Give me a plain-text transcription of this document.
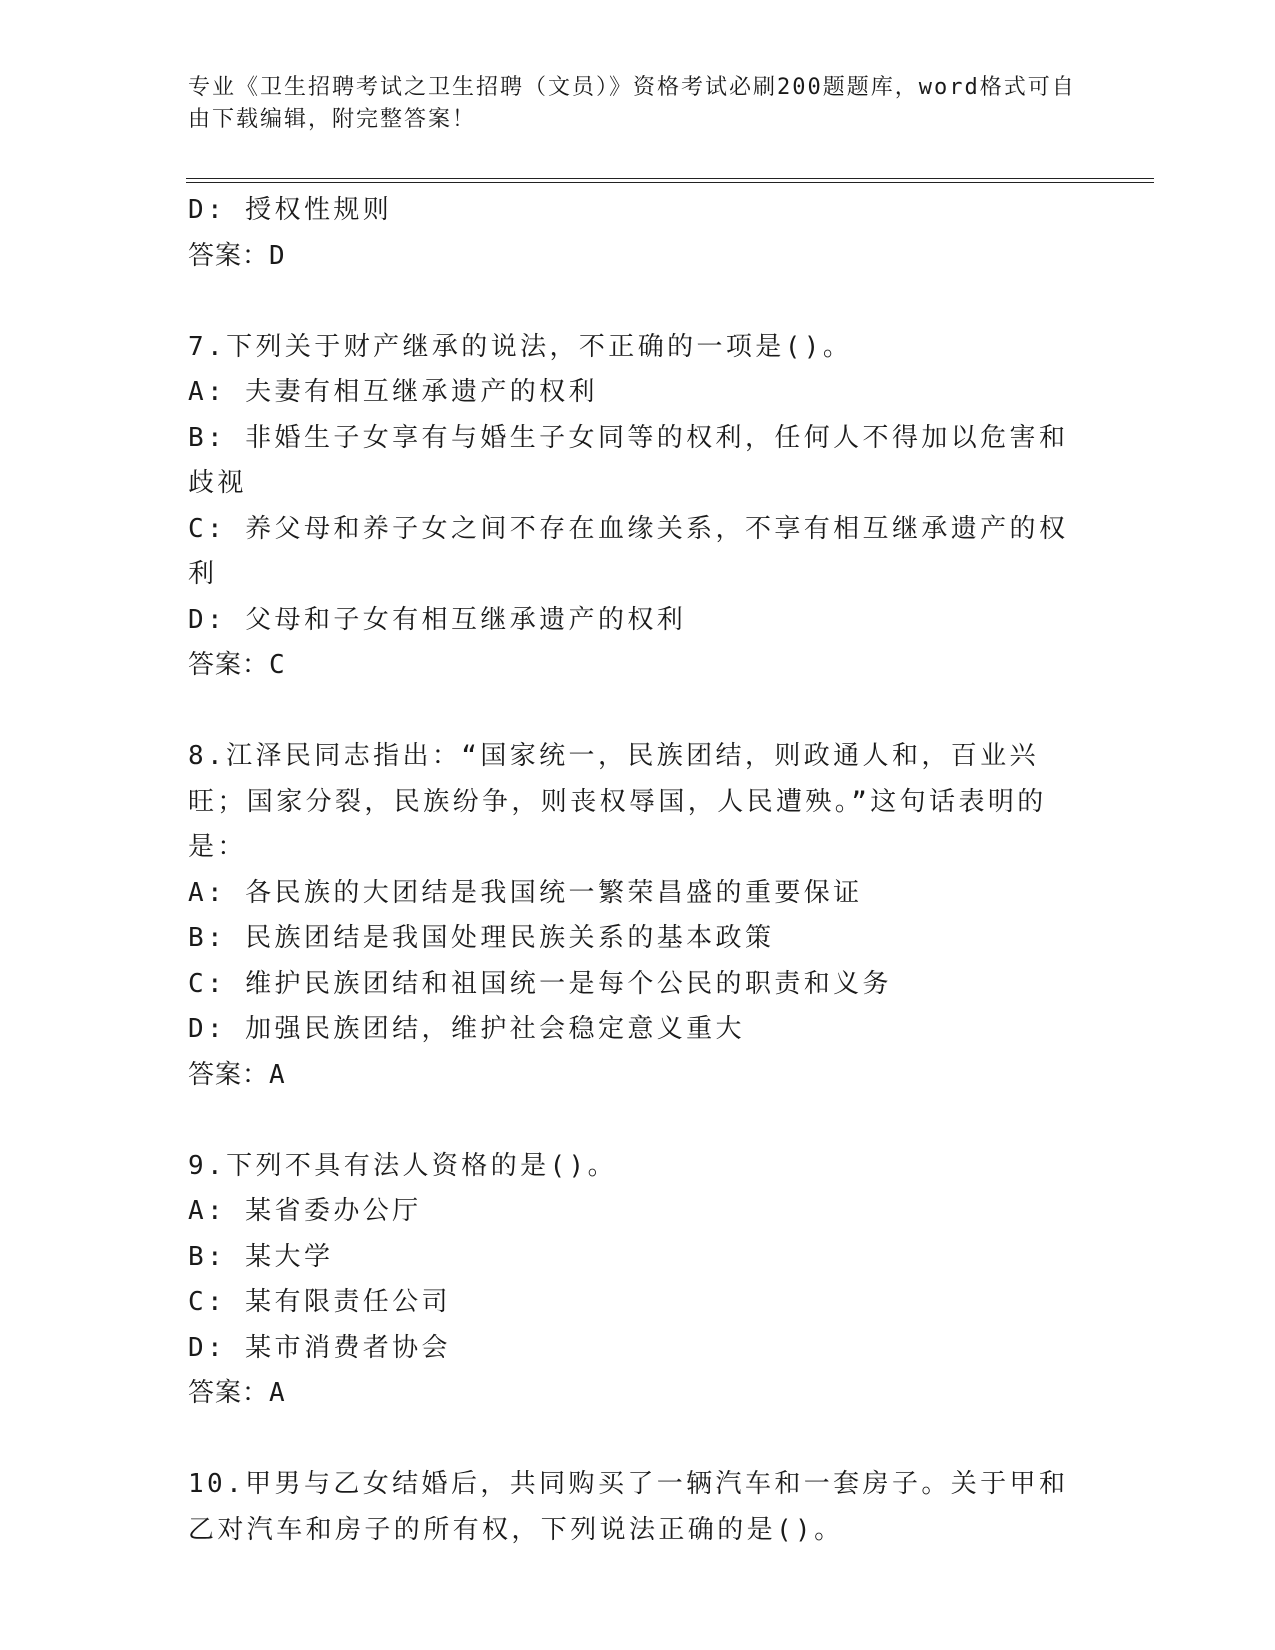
专业《卫生招聘考试之卫生招聘（文员）》资格考试必刷200题题库，word格式可自由下载编辑，附完整答案！
D: 授权性规则
答案：D
7.下列关于财产继承的说法，不正确的一项是()。
A: 夫妻有相互继承遗产的权利
B: 非婚生子女享有与婚生子女同等的权利，任何人不得加以危害和歧视
C: 养父母和养子女之间不存在血缘关系，不享有相互继承遗产的权利
D: 父母和子女有相互继承遗产的权利
答案：C
8.江泽民同志指出：“国家统一，民族团结，则政通人和，百业兴旺；国家分裂，民族纷争，则丧权辱国，人民遭殃。”这句话表明的是：
A: 各民族的大团结是我国统一繁荣昌盛的重要保证
B: 民族团结是我国处理民族关系的基本政策
C: 维护民族团结和祖国统一是每个公民的职责和义务
D: 加强民族团结，维护社会稳定意义重大
答案：A
9.下列不具有法人资格的是()。
A: 某省委办公厅
B: 某大学
C: 某有限责任公司
D: 某市消费者协会
答案：A
10.甲男与乙女结婚后，共同购买了一辆汽车和一套房子。关于甲和乙对汽车和房子的所有权，下列说法正确的是()。
